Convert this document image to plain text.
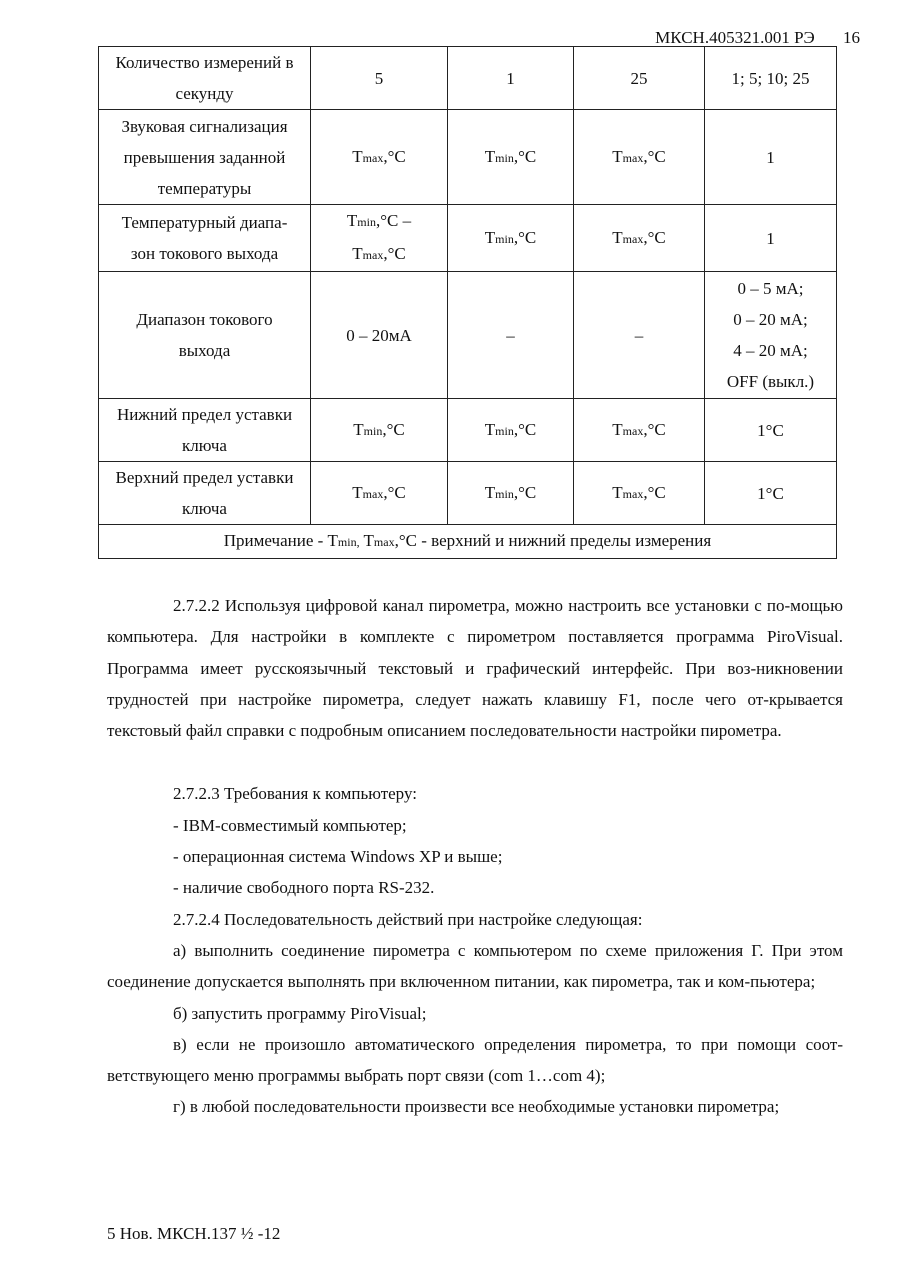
МКСН.405321.001 РЭ 16
Количество измерений в
секунду	5	1	25	1; 5; 10; 25

Звуковая сигнализация
превышения заданной
температуры	Tmax,°C	Tmin,°C	Tmax,°C	1

Температурный диапа-
зон токового выхода	Tmin,°C –
Tmax,°C	Tmin,°C	Tmax,°C	1

Диапазон токового
выхода	0 – 20мА	–	–	0 – 5 мА;
0 – 20 мА;
4 – 20 мА;
OFF (выкл.)

Нижний предел уставки
ключа	Tmin,°C	Tmin,°C	Tmax,°C	1°C

Верхний предел уставки
ключа	Tmax,°C	Tmin,°C	Tmax,°C	1°C

Примечание - Tmin, Tmax,°C - верхний и нижний пределы измерения				

2.7.2.2 Используя цифровой канал пирометра, можно настроить все установки с по-мощью компьютера. Для настройки в комплекте с пирометром поставляется программа PiroVisual. Программа имеет русскоязычный текстовый и графический интерфейс. При воз-никновении трудностей при настройке пирометра, следует нажать клавишу F1, после чего от-крывается текстовый файл справки с подробным описанием последовательности настройки пирометра.

2.7.2.3 Требования к компьютеру:

- IBM-совместимый компьютер;

- операционная система Windows XP и выше;

- наличие свободного порта RS-232.

2.7.2.4 Последовательность действий при настройке следующая:

а) выполнить соединение пирометра с компьютером по схеме приложения Г. При этом соединение допускается выполнять при включенном питании, как пирометра, так и ком-пьютера;

б) запустить программу PiroVisual;

в) если не произошло автоматического определения пирометра, то при помощи соот-ветствующего меню программы выбрать порт связи (com 1…com 4);

г) в любой последовательности произвести все необходимые установки пирометра;

5 Нов. МКСН.137 ½ -12
